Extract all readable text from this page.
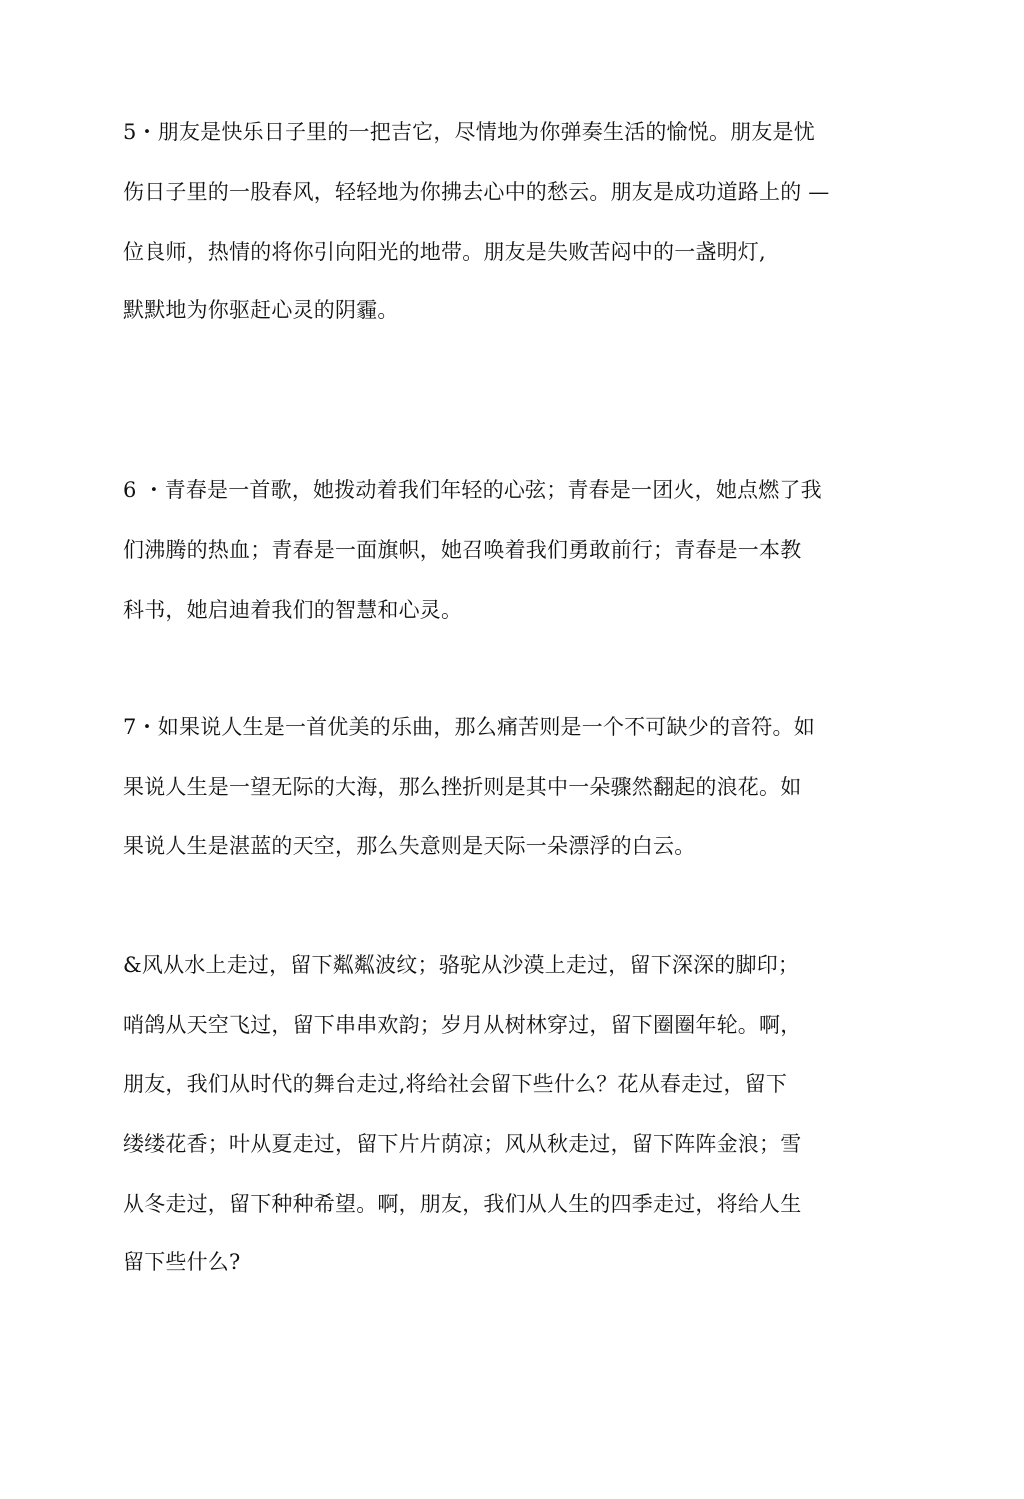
5・朋友是快乐日子里的一把吉它，尽情地为你弹奏生活的愉悦。朋友是忧
伤日子里的一股春风，轻轻地为你拂去心中的愁云。朋友是成功道路上的 —
位良师，热情的将你引向阳光的地带。朋友是失败苦闷中的一盏明灯,
默默地为你驱赶心灵的阴霾。
6 ・青春是一首歌，她拨动着我们年轻的心弦；青春是一团火，她点燃了我
们沸腾的热血；青春是一面旗帜，她召唤着我们勇敢前行；青春是一本教
科书，她启迪着我们的智慧和心灵。
7・如果说人生是一首优美的乐曲，那么痛苦则是一个不可缺少的音符。如
果说人生是一望无际的大海，那么挫折则是其中一朵骤然翻起的浪花。如
果说人生是湛蓝的天空，那么失意则是天际一朵漂浮的白云。
&风从水上走过，留下粼粼波纹；骆驼从沙漠上走过，留下深深的脚印；
哨鸽从天空飞过，留下串串欢韵；岁月从树林穿过，留下圈圈年轮。啊，
朋友，我们从时代的舞台走过,将给社会留下些什么？花从春走过，留下
缕缕花香；叶从夏走过，留下片片荫凉；风从秋走过，留下阵阵金浪；雪
从冬走过，留下种种希望。啊，朋友，我们从人生的四季走过，将给人生
留下些什么?
